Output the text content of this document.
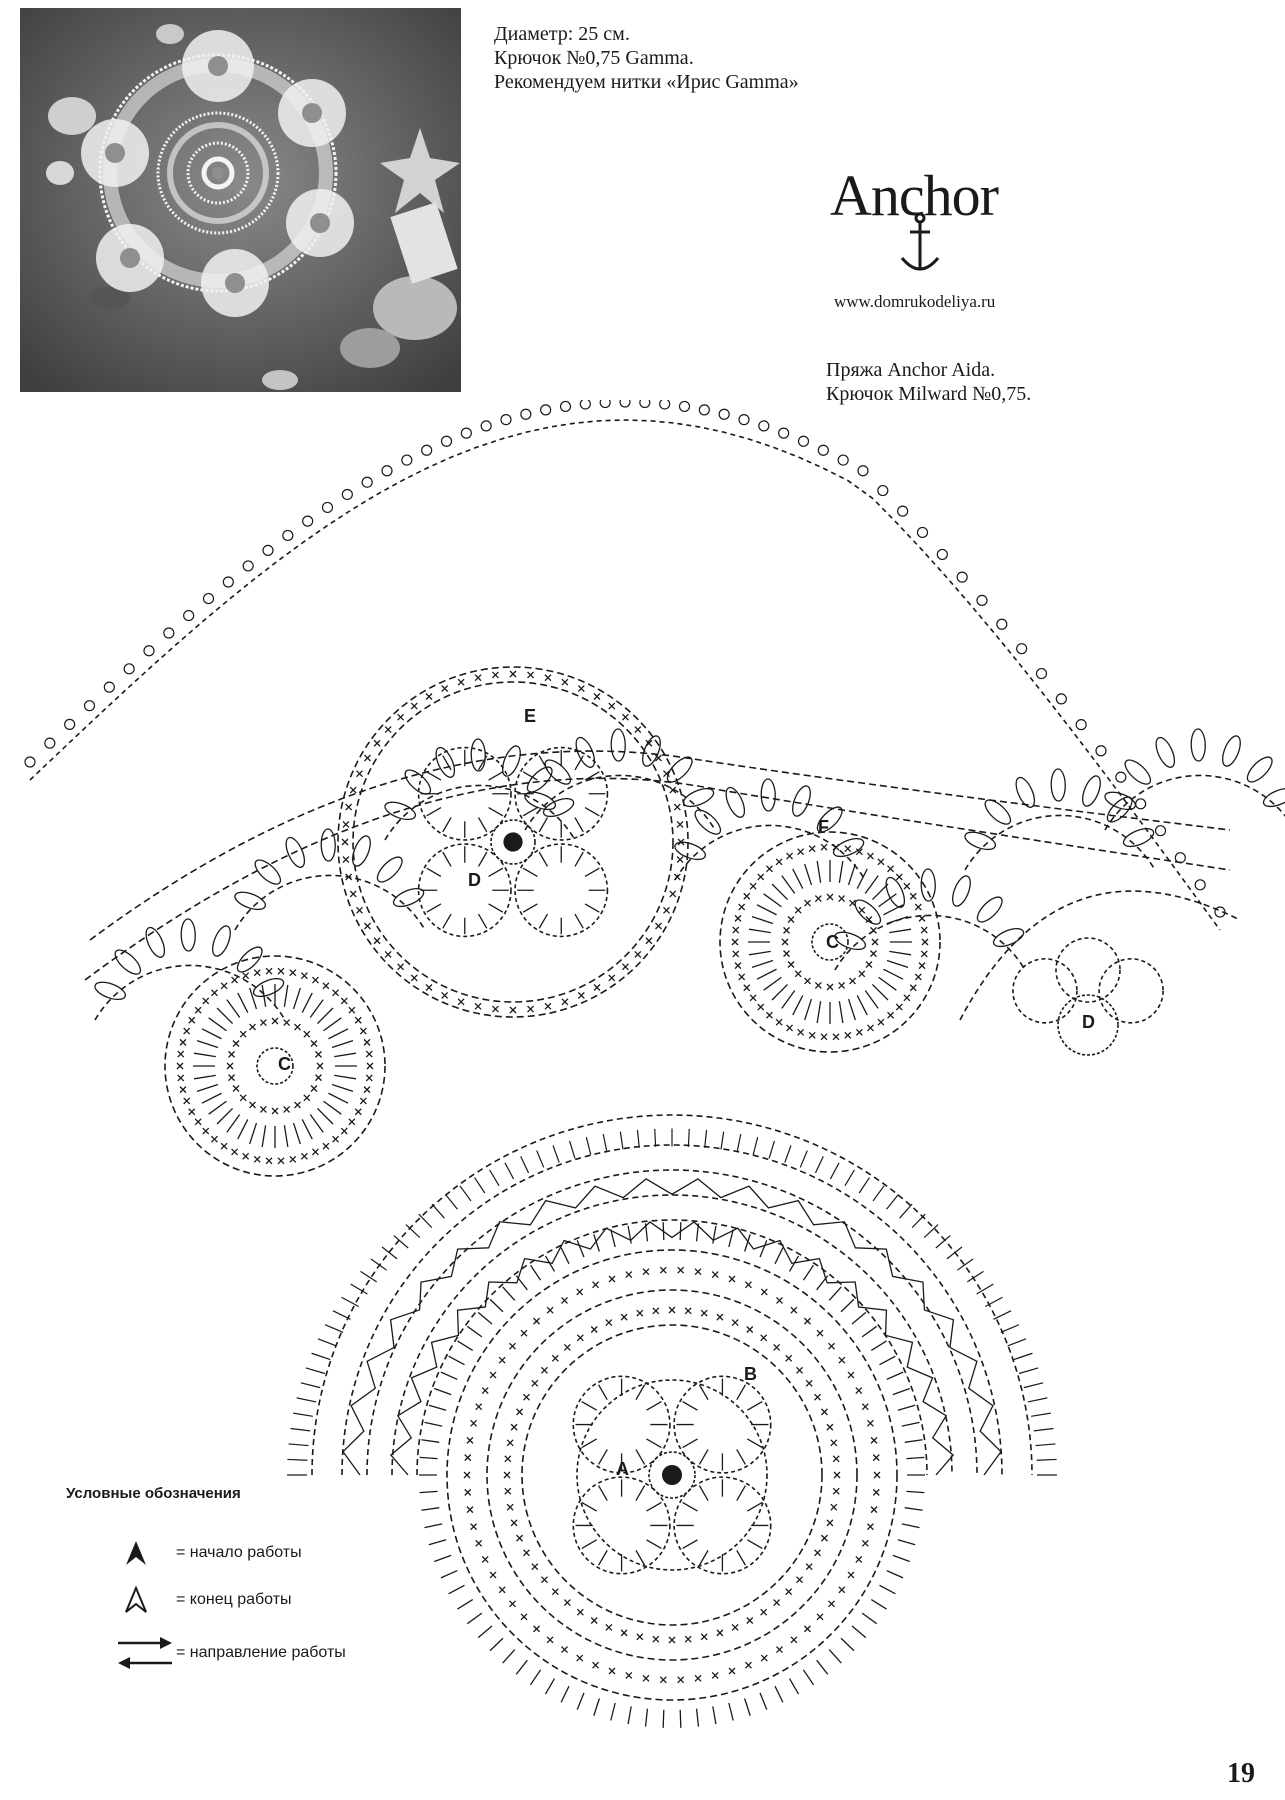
Диаметр: 25 см.
Крючок №0,75 Gamma.
Рекомендуем нитки «Ирис Gamma»
Anchor
www.domrukodeliya.ru
Пряжа Anchor Aida.
Крючок Milward №0,75.
A
B
C
C
D
D
E
F
Условные обозначения
= начало работы
= конец работы
= направление работы
19
